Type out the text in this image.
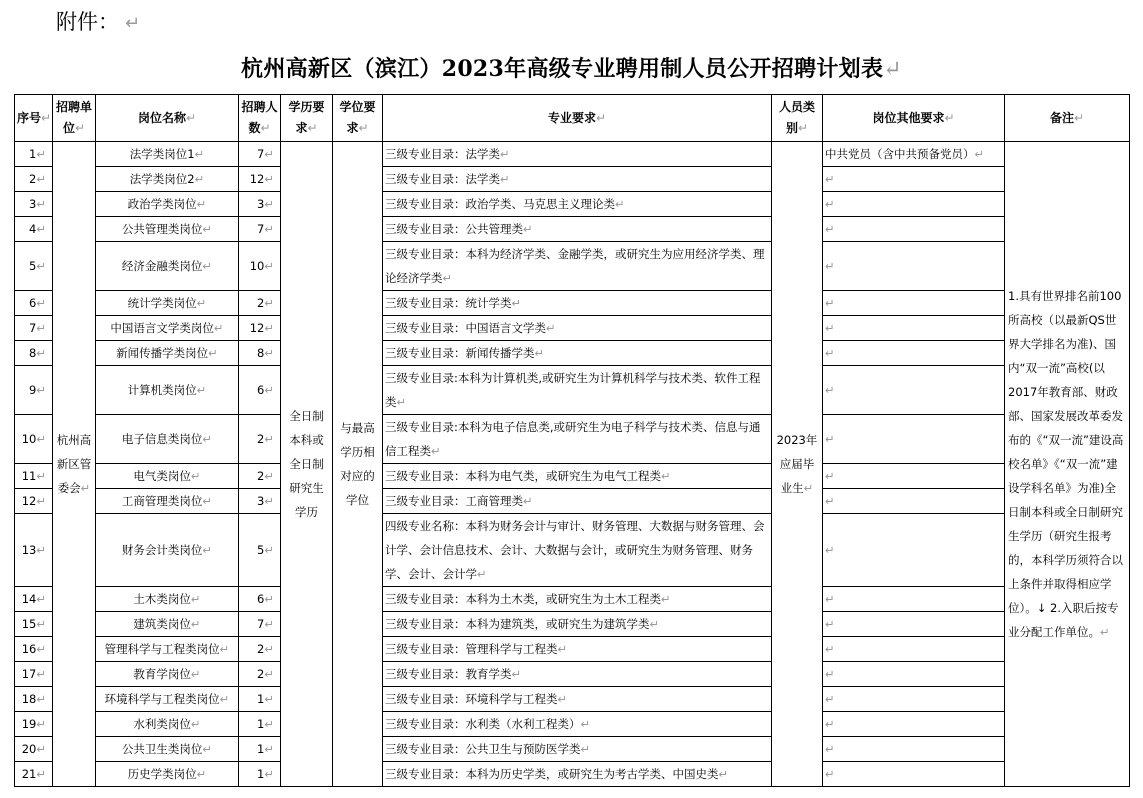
附件： ↵
杭州高新区（滨江）2023年高级专业聘用制人员公开招聘计划表↵
序号↵	招聘单位↵	岗位名称↵	招聘人数↵	学历要求↵	学位要求↵	专业要求↵	人员类别↵	岗位其他要求↵	备注↵
1↵	杭州高新区管委会↵	法学类岗位1↵	7↵	全日制本科或全日制研究生学历	与最高学历相对应的学位	三级专业目录：法学类↵	2023年应届毕业生↵	中共党员（含中共预备党员）↵	1.具有世界排名前100所高校（以最新QS世界大学排名为准)、国内“双一流”高校(以2017年教育部、财政部、国家发展改革委发布的《“双一流”建设高校名单》《“双一流”建设学科名单》为准)全日制本科或全日制研究生学历（研究生报考的，本科学历须符合以上条件并取得相应学位）。↓ 2.入职后按专业分配工作单位。↵
2↵		法学类岗位2↵	12↵			三级专业目录：法学类↵		↵	
3↵		政治学类岗位↵	3↵			三级专业目录：政治学类、马克思主义理论类↵		↵	
4↵		公共管理类岗位↵	7↵			三级专业目录：公共管理类↵		↵	
5↵		经济金融类岗位↵	10↵			三级专业目录：本科为经济学类、金融学类，或研究生为应用经济学类、理论经济学类↵		↵	
6↵		统计学类岗位↵	2↵			三级专业目录：统计学类↵		↵	
7↵		中国语言文学类岗位↵	12↵			三级专业目录：中国语言文学类↵		↵	
8↵		新闻传播学类岗位↵	8↵			三级专业目录：新闻传播学类↵		↵	
9↵		计算机类岗位↵	6↵			三级专业目录:本科为计算机类,或研究生为计算机科学与技术类、软件工程类↵		↵	
10↵		电子信息类岗位↵	2↵			三级专业目录:本科为电子信息类,或研究生为电子科学与技术类、信息与通信工程类↵		↵	
11↵		电气类岗位↵	2↵			三级专业目录：本科为电气类，或研究生为电气工程类↵		↵	
12↵		工商管理类岗位↵	3↵			三级专业目录：工商管理类↵		↵	
13↵		财务会计类岗位↵	5↵			四级专业名称：本科为财务会计与审计、财务管理、大数据与财务管理、会计学、会计信息技术、会计、大数据与会计，或研究生为财务管理、财务学、会计、会计学↵		↵	
14↵		土木类岗位↵	6↵			三级专业目录：本科为土木类，或研究生为土木工程类↵		↵	
15↵		建筑类岗位↵	7↵			三级专业目录：本科为建筑类，或研究生为建筑学类↵		↵	
16↵		管理科学与工程类岗位↵	2↵			三级专业目录：管理科学与工程类↵		↵	
17↵		教育学岗位↵	2↵			三级专业目录：教育学类↵		↵	
18↵		环境科学与工程类岗位↵	1↵			三级专业目录：环境科学与工程类↵		↵	
19↵		水利类岗位↵	1↵			三级专业目录：水利类（水利工程类）↵		↵	
20↵		公共卫生类岗位↵	1↵			三级专业目录：公共卫生与预防医学类↵		↵	
21↵		历史学类岗位↵	1↵			三级专业目录：本科为历史学类，或研究生为考古学类、中国史类↵		↵	
